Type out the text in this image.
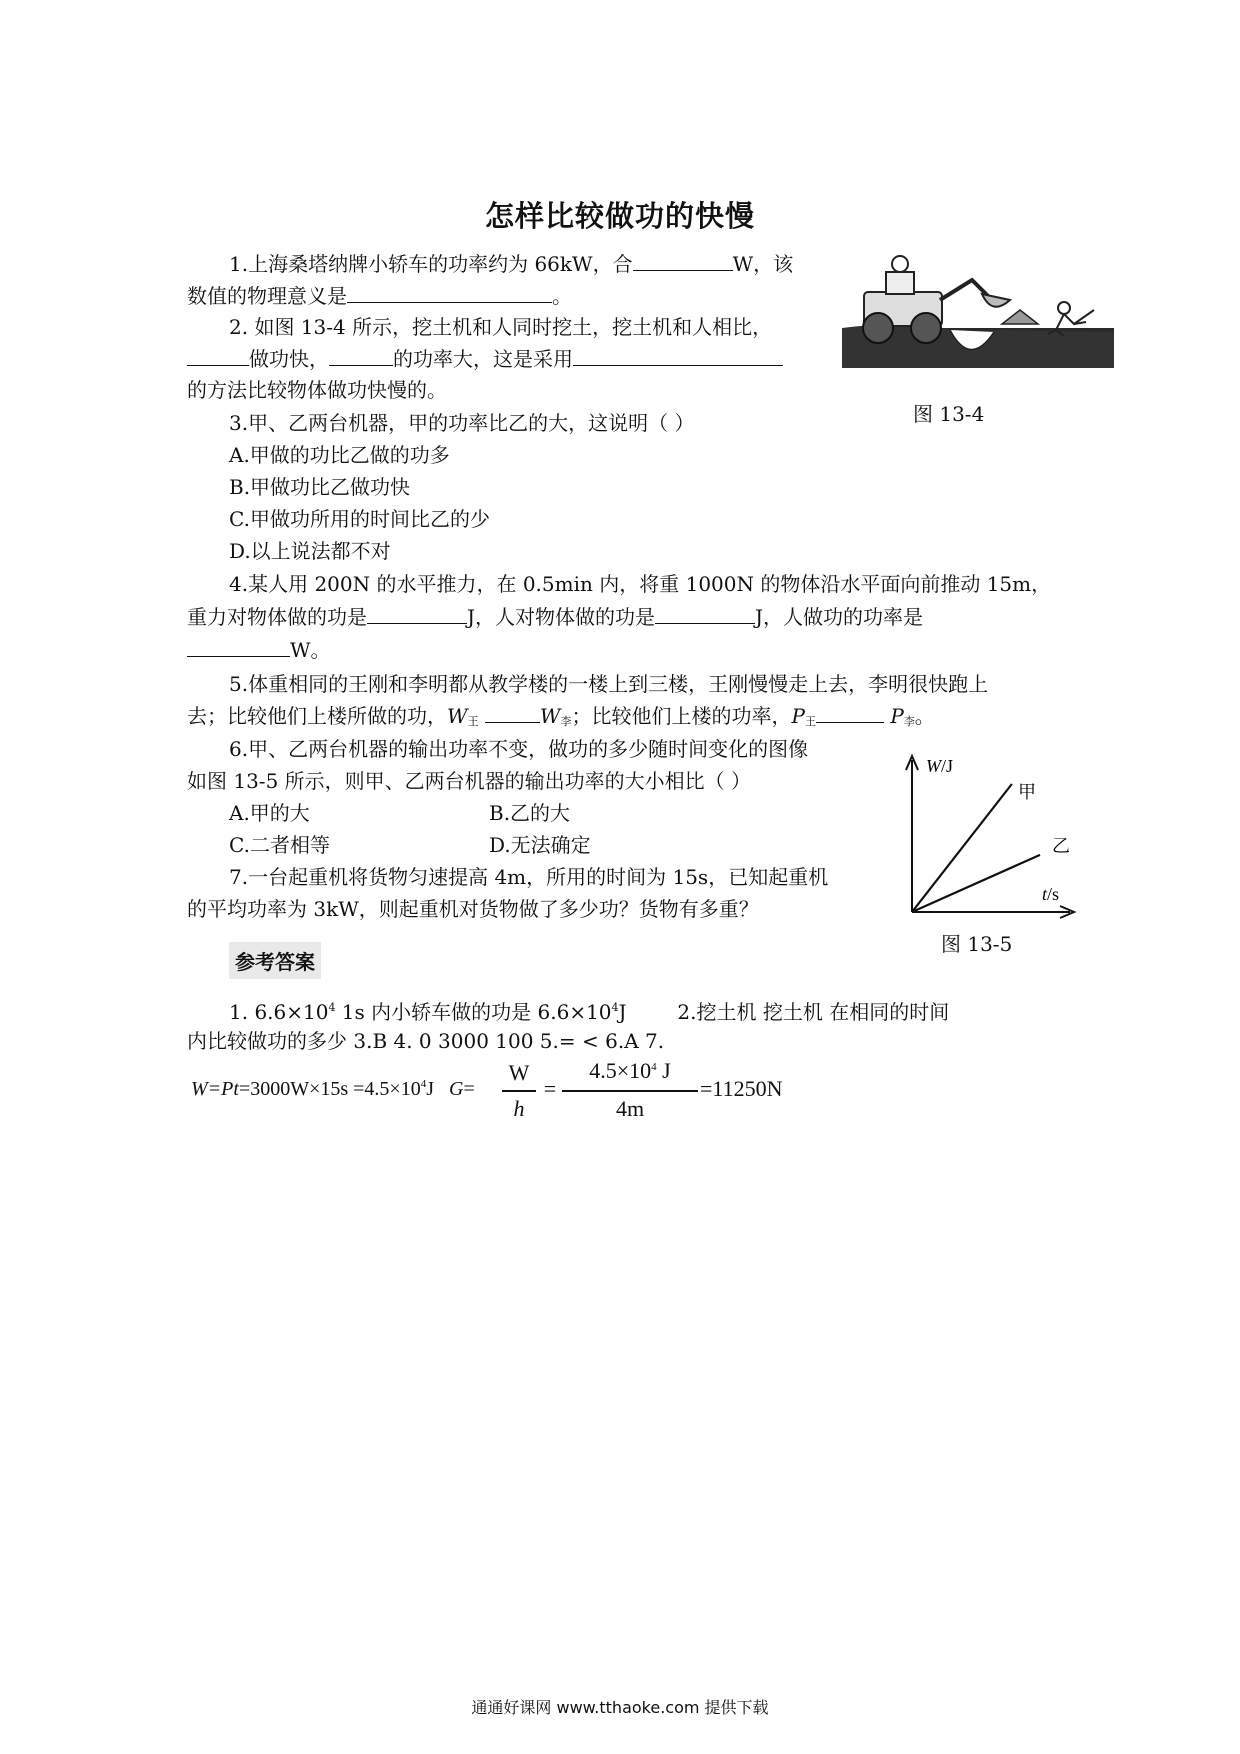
怎样比较做功的快慢
1.上海桑塔纳牌小轿车的功率约为 66kW，合	W，该
数值的物理意义是	。
2. 如图 13-4 所示，挖土机和人同时挖土，挖土机和人相比，
做功快，	的功率大，这是采用
的方法比较物体做功快慢的。
图 13-4
3.甲、乙两台机器，甲的功率比乙的大，这说明（ ）
A.甲做的功比乙做的功多
B.甲做功比乙做功快
C.甲做功所用的时间比乙的少
D.以上说法都不对
4.某人用 200N 的水平推力，在 0.5min 内，将重 1000N 的物体沿水平面向前推动 15m，
重力对物体做的功是	J，人对物体做的功是	J，人做功的功率是
W。
5.体重相同的王刚和李明都从教学楼的一楼上到三楼，王刚慢慢走上去，李明很快跑上
去；比较他们上楼所做的功，W王	W李；比较他们上楼的功率，P王	P李。
6.甲、乙两台机器的输出功率不变，做功的多少随时间变化的图像
如图 13-5 所示，则甲、乙两台机器的输出功率的大小相比（ ）
A.甲的大	B.乙的大
C.二者相等	D.无法确定
7.一台起重机将货物匀速提高 4m，所用的时间为 15s，已知起重机
的平均功率为 3kW，则起重机对货物做了多少功？货物有多重？
W/J
t/s
甲
乙
图 13-5
参考答案
1. $6.6\times 10^4$ 1s 内小轿车做的功是 $6.6\times 10^4J$	2.挖土机 挖土机 在相同的时间
内比较做功的多少 3.B 4. 0 3000 100 5.= < 6.A 7.
$W=Pt=3000W\times 15s =4.5\times 10^4J$   G=
W
h
=
$4.5\times 10^4$ J
4m
=11250N
通通好课网 www.tthaoke.com 提供下载
